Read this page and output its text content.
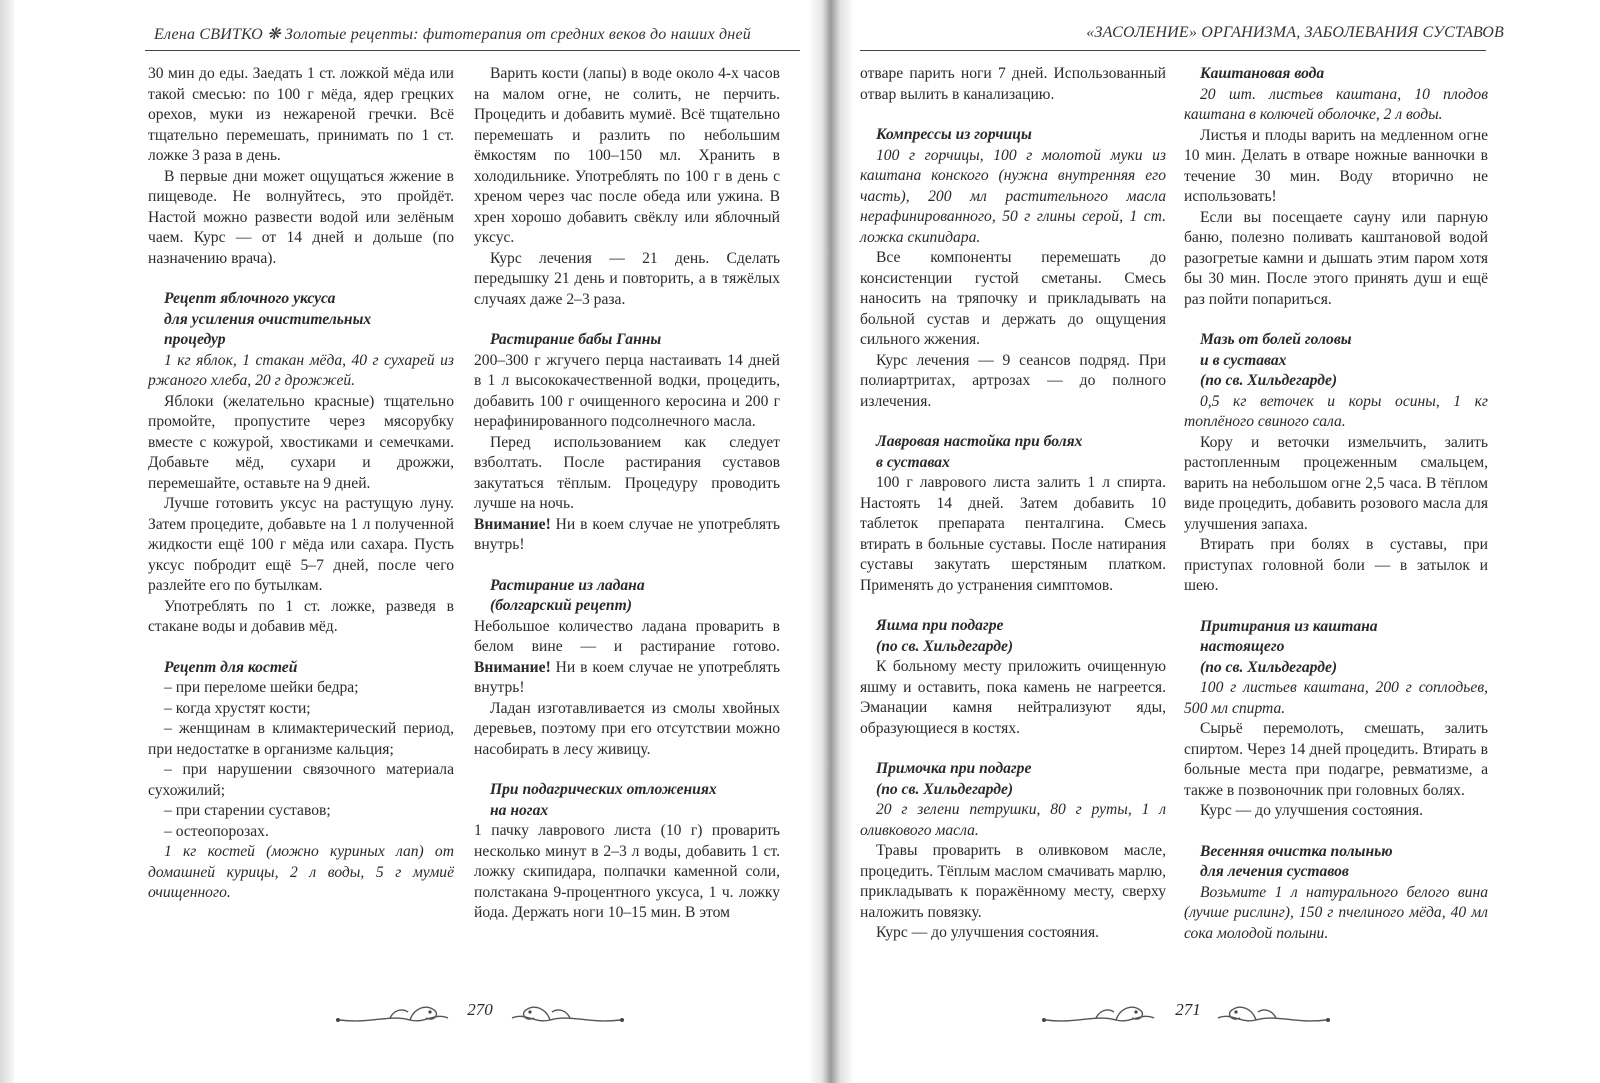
Елена СВИТКО ❋ Золотые рецепты: фитотерапия от средних веков до наших дней

30 мин до еды. Заедать 1 ст. ложкой мёда или такой смесью: по 100 г мёда, ядер грецких орехов, муки из нежареной гречки. Всё тщательно перемешать, принимать по 1 ст. ложке 3 раза в день.

В первые дни может ощущаться жжение в пищеводе. Не волнуйтесь, это пройдёт. Настой можно развести водой или зелёным чаем. Курс — от 14 дней и дольше (по назначению врача).

Рецепт яблочного уксуса
для усиления очистительных
процедур

1 кг яблок, 1 стакан мёда, 40 г сухарей из ржаного хлеба, 20 г дрожжей.

Яблоки (желательно красные) тщательно промойте, пропустите через мясорубку вместе с кожурой, хвостиками и семечками. Добавьте мёд, сухари и дрожжи, перемешайте, оставьте на 9 дней.

Лучше готовить уксус на растущую луну. Затем процедите, добавьте на 1 л полученной жидкости ещё 100 г мёда или сахара. Пусть уксус побродит ещё 5–7 дней, после чего разлейте его по бутылкам.

Употреблять по 1 ст. ложке, разведя в стакане воды и добавив мёд.

Рецепт для костей

– при переломе шейки бедра;

– когда хрустят кости;

– женщинам в климактерический период, при недостатке в организме кальция;

– при нарушении связочного материала сухожилий;

– при старении суставов;

– остеопорозах.

1 кг костей (можно куриных лап) от домашней курицы, 2 л воды, 5 г мумиё очищенного.

Варить кости (лапы) в воде около 4-х часов на малом огне, не солить, не перчить. Процедить и добавить мумиё. Всё тщательно перемешать и разлить по небольшим ёмкостям по 100–150 мл. Хранить в холодильнике. Употреблять по 100 г в день с хреном через час после обеда или ужина. В хрен хорошо добавить свёклу или яблочный уксус.

Курс лечения — 21 день. Сделать передышку 21 день и повторить, а в тяжёлых случаях даже 2–3 раза.

Растирание бабы Ганны

200–300 г жгучего перца настаивать 14 дней в 1 л высококачественной водки, процедить, добавить 100 г очищенного керосина и 200 г нерафинированного подсолнечного масла.

Перед использованием как следует взболтать. После растирания суставов закутаться тёплым. Процедуру проводить лучше на ночь.

Внимание! Ни в коем случае не употреблять внутрь!

Растирание из ладана
(болгарский рецепт)

Небольшое количество ладана проварить в белом вине — и растирание готово. Внимание! Ни в коем случае не употреблять внутрь!

Ладан изготавливается из смолы хвойных деревьев, поэтому при его отсутствии можно насобирать в лесу живицу.

При подагрических отложениях
на ногах

1 пачку лаврового листа (10 г) проварить несколько минут в 2–3 л воды, добавить 1 ст. ложку скипидара, полпачки каменной соли, полстакана 9-процентного уксуса, 1 ч. ложку йода. Держать ноги 10–15 мин. В этом

270
«ЗАСОЛЕНИЕ» ОРГАНИЗМА, ЗАБОЛЕВАНИЯ СУСТАВОВ

отваре парить ноги 7 дней. Использованный отвар вылить в канализацию.

Компрессы из горчицы

100 г горчицы, 100 г молотой муки из каштана конского (нужна внутренняя его часть), 200 мл растительного масла нерафинированного, 50 г глины серой, 1 ст. ложка скипидара.

Все компоненты перемешать до консистенции густой сметаны. Смесь наносить на тряпочку и прикладывать на больной сустав и держать до ощущения сильного жжения.

Курс лечения — 9 сеансов подряд. При полиартритах, артрозах — до полного излечения.

Лавровая настойка при болях
в суставах

100 г лаврового листа залить 1 л спирта. Настоять 14 дней. Затем добавить 10 таблеток препарата пенталгина. Смесь втирать в больные суставы. После натирания суставы закутать шерстяным платком. Применять до устранения симптомов.

Яшма при подагре
(по св. Хильдегарде)

К больному месту приложить очищенную яшму и оставить, пока камень не нагреется. Эманации камня нейтрализуют яды, образующиеся в костях.

Примочка при подагре
(по св. Хильдегарде)

20 г зелени петрушки, 80 г руты, 1 л оливкового масла.

Травы проварить в оливковом масле, процедить. Тёплым маслом смачивать марлю, прикладывать к поражённому месту, сверху наложить повязку.

Курс — до улучшения состояния.

Каштановая вода

20 шт. листьев каштана, 10 плодов каштана в колючей оболочке, 2 л воды.

Листья и плоды варить на медленном огне 10 мин. Делать в отваре ножные ванночки в течение 30 мин. Воду вторично не использовать!

Если вы посещаете сауну или парную баню, полезно поливать каштановой водой разогретые камни и дышать этим паром хотя бы 30 мин. После этого принять душ и ещё раз пойти попариться.

Мазь от болей головы
и в суставах
(по св. Хильдегарде)

0,5 кг веточек и коры осины, 1 кг топлёного свиного сала.

Кору и веточки измельчить, залить растопленным процеженным смальцем, варить на небольшом огне 2,5 часа. В тёплом виде процедить, добавить розового масла для улучшения запаха.

Втирать при болях в суставы, при приступах головной боли — в затылок и шею.

Притирания из каштана
настоящего
(по св. Хильдегарде)

100 г листьев каштана, 200 г соплодьев, 500 мл спирта.

Сырьё перемолоть, смешать, залить спиртом. Через 14 дней процедить. Втирать в больные места при подагре, ревматизме, а также в позвоночник при головных болях.

Курс — до улучшения состояния.

Весенняя очистка полынью
для лечения суставов

Возьмите 1 л натурального белого вина (лучше рислинг), 150 г пчелиного мёда, 40 мл сока молодой полыни.

271
